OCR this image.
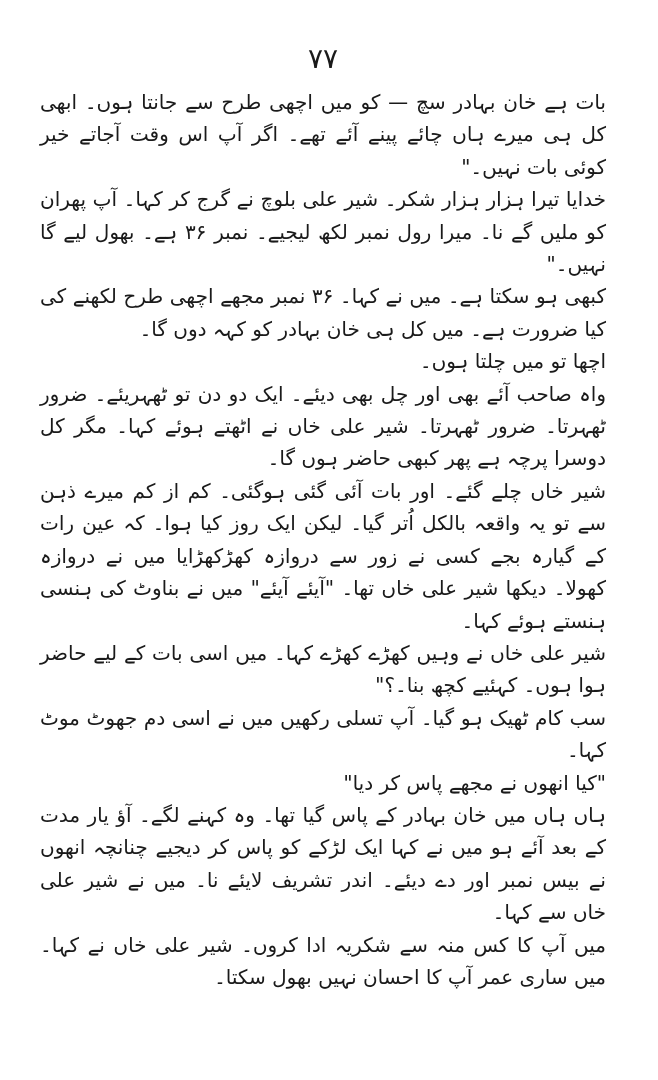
۷۷

بات ہے خان بہادر سچ — کو میں اچھی طرح سے جانتا ہوں۔ ابھی کل ہی میرے ہاں چائے پینے آئے تھے۔ اگر آپ اس وقت آجاتے خیر کوئی بات نہیں۔"

خدایا تیرا ہزار ہزار شکر۔ شیر علی بلوچ نے گرج کر کہا۔ آپ پھران کو ملیں گے نا۔ میرا رول نمبر لکھ لیجیے۔ نمبر ۳۶ ہے۔ بھول لیے گا نہیں۔"

کبھی ہو سکتا ہے۔ میں نے کہا۔ ۳۶ نمبر مجھے اچھی طرح لکھنے کی کیا ضرورت ہے۔ میں کل ہی خان بہادر کو کہہ دوں گا۔

اچھا تو میں چلتا ہوں۔

واہ صاحب آئے بھی اور چل بھی دیئے۔ ایک دو دن تو ٹھہریئے۔ ضرور ٹھہرتا۔ ضرور ٹھہرتا۔ شیر علی خاں نے اٹھتے ہوئے کہا۔ مگر کل دوسرا پرچہ ہے پھر کبھی حاضر ہوں گا۔

شیر خاں چلے گئے۔ اور بات آئی گئی ہوگئی۔ کم از کم میرے ذہن سے تو یہ واقعہ بالکل اُتر گیا۔ لیکن ایک روز کیا ہوا۔ کہ عین رات کے گیارہ بجے کسی نے زور سے دروازہ کھڑکھڑایا میں نے دروازہ کھولا۔ دیکھا شیر علی خاں تھا۔ "آیئے آیئے" میں نے بناوٹ کی ہنسی ہنستے ہوئے کہا۔

شیر علی خاں نے وہیں کھڑے کھڑے کہا۔ میں اسی بات کے لیے حاضر ہوا ہوں۔ کہئیے کچھ بنا۔؟"

سب کام ٹھیک ہو گیا۔ آپ تسلی رکھیں میں نے اسی دم جھوٹ موٹ کہا۔

"کیا انھوں نے مجھے پاس کر دیا"

ہاں ہاں میں خان بہادر کے پاس گیا تھا۔ وہ کہنے لگے۔ آؤ یار مدت کے بعد آئے ہو میں نے کہا ایک لڑکے کو پاس کر دیجیے چنانچہ انھوں نے بیس نمبر اور دے دیئے۔ اندر تشریف لایئے نا۔ میں نے شیر علی خاں سے کہا۔

میں آپ کا کس منہ سے شکریہ ادا کروں۔ شیر علی خاں نے کہا۔ میں ساری عمر آپ کا احسان نہیں بھول سکتا۔
